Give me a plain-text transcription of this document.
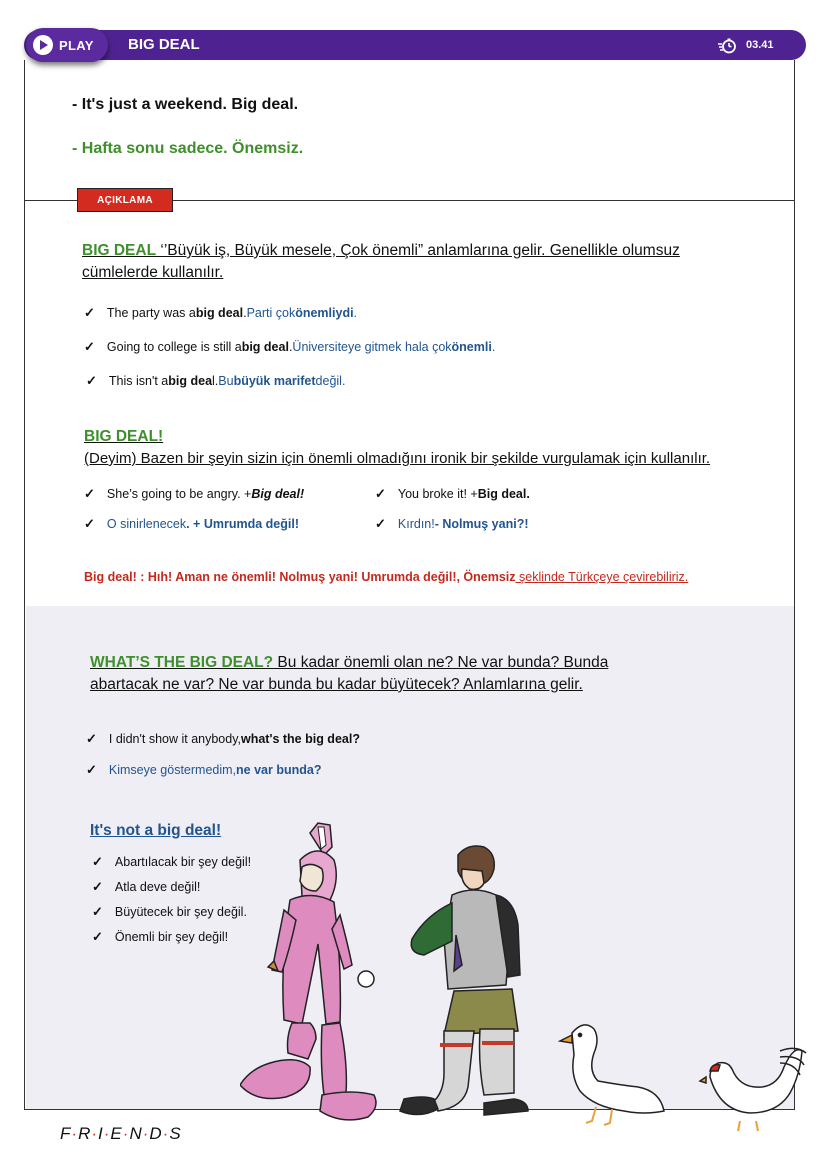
PLAY BIG DEAL	03.41
- It's just a weekend. Big deal.
- Hafta sonu sadece. Önemsiz.
AÇIKLAMA
BIG DEAL ‘’Büyük iş, Büyük mesele, Çok önemli” anlamlarına gelir. Genellikle olumsuz cümlelerde kullanılır.
✓ The party was a big deal . Parti çok önemliydi .
✓ Going to college is still a big deal . Üniversiteye gitmek hala çok önemli .
✓ This isn't a big dea l. Bu büyük marifet değil.
BIG DEAL!
(Deyim) Bazen bir şeyin sizin için önemli olmadığını ironik bir şekilde vurgulamak için kullanılır.
✓ She’s going to be angry. + Big deal!
✓ O sinirlenecek . + Umrumda değil!
✓ You broke it! + Big deal.
✓ Kırdın! - Nolmuş yani?!
Big deal! : Hıh! Aman ne önemli! Nolmuş yani! Umrumda değil!, Önemsiz şeklinde Türkçeye çevirebiliriz.
WHAT’S THE BIG DEAL? Bu kadar önemli olan ne? Ne var bunda? Bunda abartacak ne var? Ne var bunda bu kadar büyütecek? Anlamlarına gelir.
✓ I didn't show it anybody, what's the big deal?
✓ Kimseye göstermedim, ne var bunda?
It's not a big deal!
✓ Abartılacak bir şey değil!
✓ Atla deve değil!
✓ Büyütecek bir şey değil.
✓ Önemli bir şey değil!
F·R·I·E·N·D·S
